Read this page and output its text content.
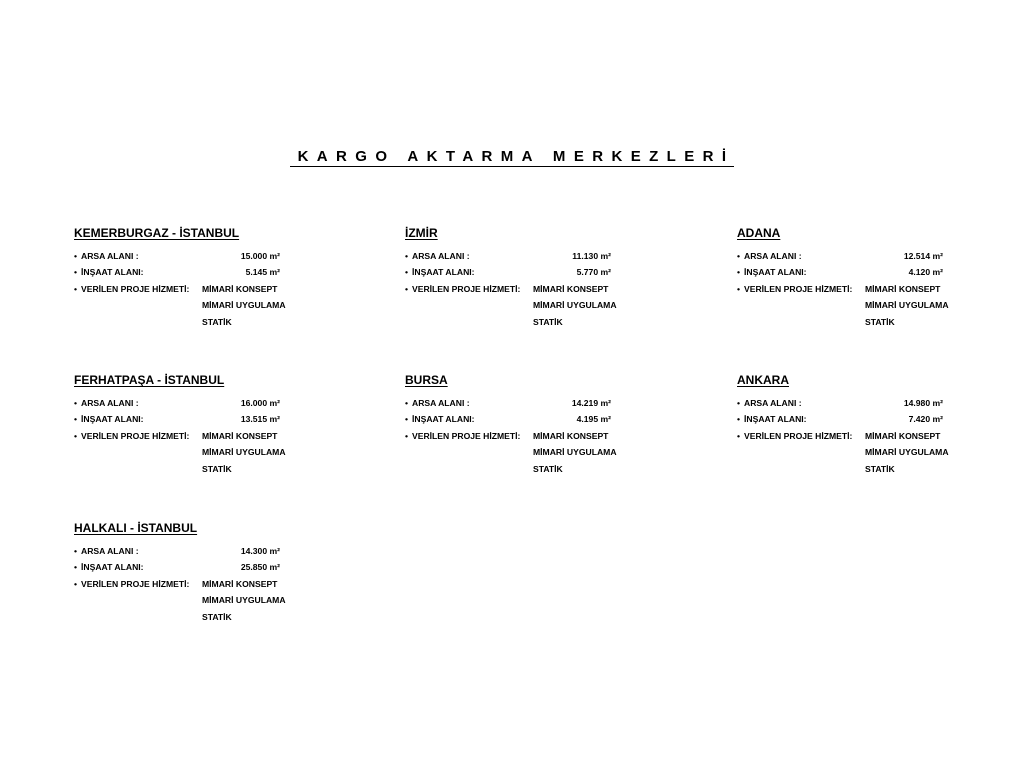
KARGO AKTARMA MERKEZLERİ
KEMERBURGAZ - İSTANBUL
• ARSA ALANI :	15.000 m²
• İNŞAAT ALANI:	5.145 m²
• VERİLEN PROJE HİZMETİ: MİMARİ KONSEPT
MİMARİ UYGULAMA
STATİK
İZMİR
• ARSA ALANI :	11.130 m²
• İNŞAAT ALANI:	5.770 m²
• VERİLEN PROJE HİZMETİ: MİMARİ KONSEPT
MİMARİ UYGULAMA
STATİK
ADANA
• ARSA ALANI :	12.514 m²
• İNŞAAT ALANI:	4.120 m²
• VERİLEN PROJE HİZMETİ: MİMARİ KONSEPT
MİMARİ UYGULAMA
STATİK
FERHATPAŞA - İSTANBUL
• ARSA ALANI :	16.000 m²
• İNŞAAT ALANI:	13.515 m²
• VERİLEN PROJE HİZMETİ: MİMARİ KONSEPT
MİMARİ UYGULAMA
STATİK
BURSA
• ARSA ALANI :	14.219 m²
• İNŞAAT ALANI:	4.195 m²
• VERİLEN PROJE HİZMETİ: MİMARİ KONSEPT
MİMARİ UYGULAMA
STATİK
ANKARA
• ARSA ALANI :	14.980 m²
• İNŞAAT ALANI:	7.420 m²
• VERİLEN PROJE HİZMETİ: MİMARİ KONSEPT
MİMARİ UYGULAMA
STATİK
HALKALI - İSTANBUL
• ARSA ALANI :	14.300 m²
• İNŞAAT ALANI:	25.850 m²
• VERİLEN PROJE HİZMETİ: MİMARİ KONSEPT
MİMARİ UYGULAMA
STATİK
